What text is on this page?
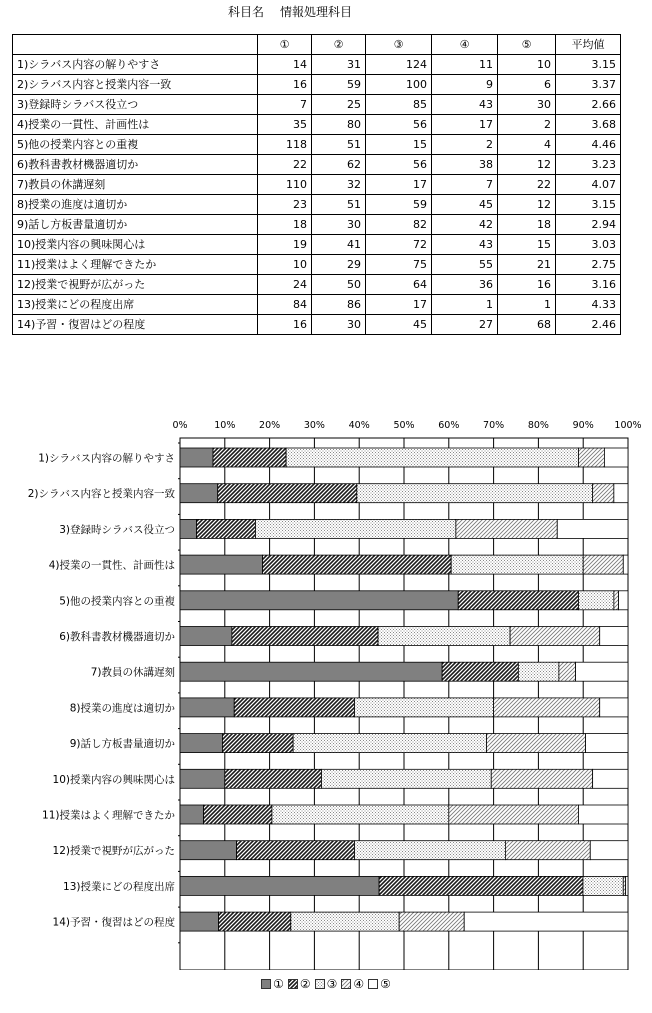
科目名 情報処理科目
	①	②	③	④	⑤	平均値
1)シラバス内容の解りやすさ	14	31	124	11	10	3.15
2)シラバス内容と授業内容一致	16	59	100	9	6	3.37
3)登録時シラバス役立つ	7	25	85	43	30	2.66
4)授業の一貫性、計画性は	35	80	56	17	2	3.68
5)他の授業内容との重複	118	51	15	2	4	4.46
6)教科書教材機器適切か	22	62	56	38	12	3.23
7)教員の休講遅刻	110	32	17	7	22	4.07
8)授業の進度は適切か	23	51	59	45	12	3.15
9)話し方板書量適切か	18	30	82	42	18	2.94
10)授業内容の興味関心は	19	41	72	43	15	3.03
11)授業はよく理解できたか	10	29	75	55	21	2.75
12)授業で視野が広がった	24	50	64	36	16	3.16
13)授業にどの程度出席	84	86	17	1	1	4.33
14)予習・復習はどの程度	16	30	45	27	68	2.46
1)シラバス内容の解りやすさ
2)シラバス内容と授業内容一致
3)登録時シラバス役立つ
4)授業の一貫性、計画性は
5)他の授業内容との重複
6)教科書教材機器適切か
7)教員の休講遅刻
8)授業の進度は適切か
9)話し方板書量適切か
10)授業内容の興味関心は
11)授業はよく理解できたか
12)授業で視野が広がった
13)授業にどの程度出席
14)予習・復習はどの程度
0%	10% 20% 30% 40% 50% 60% 70% 80% 90% 100%
① ② ③ ④ ⑤
